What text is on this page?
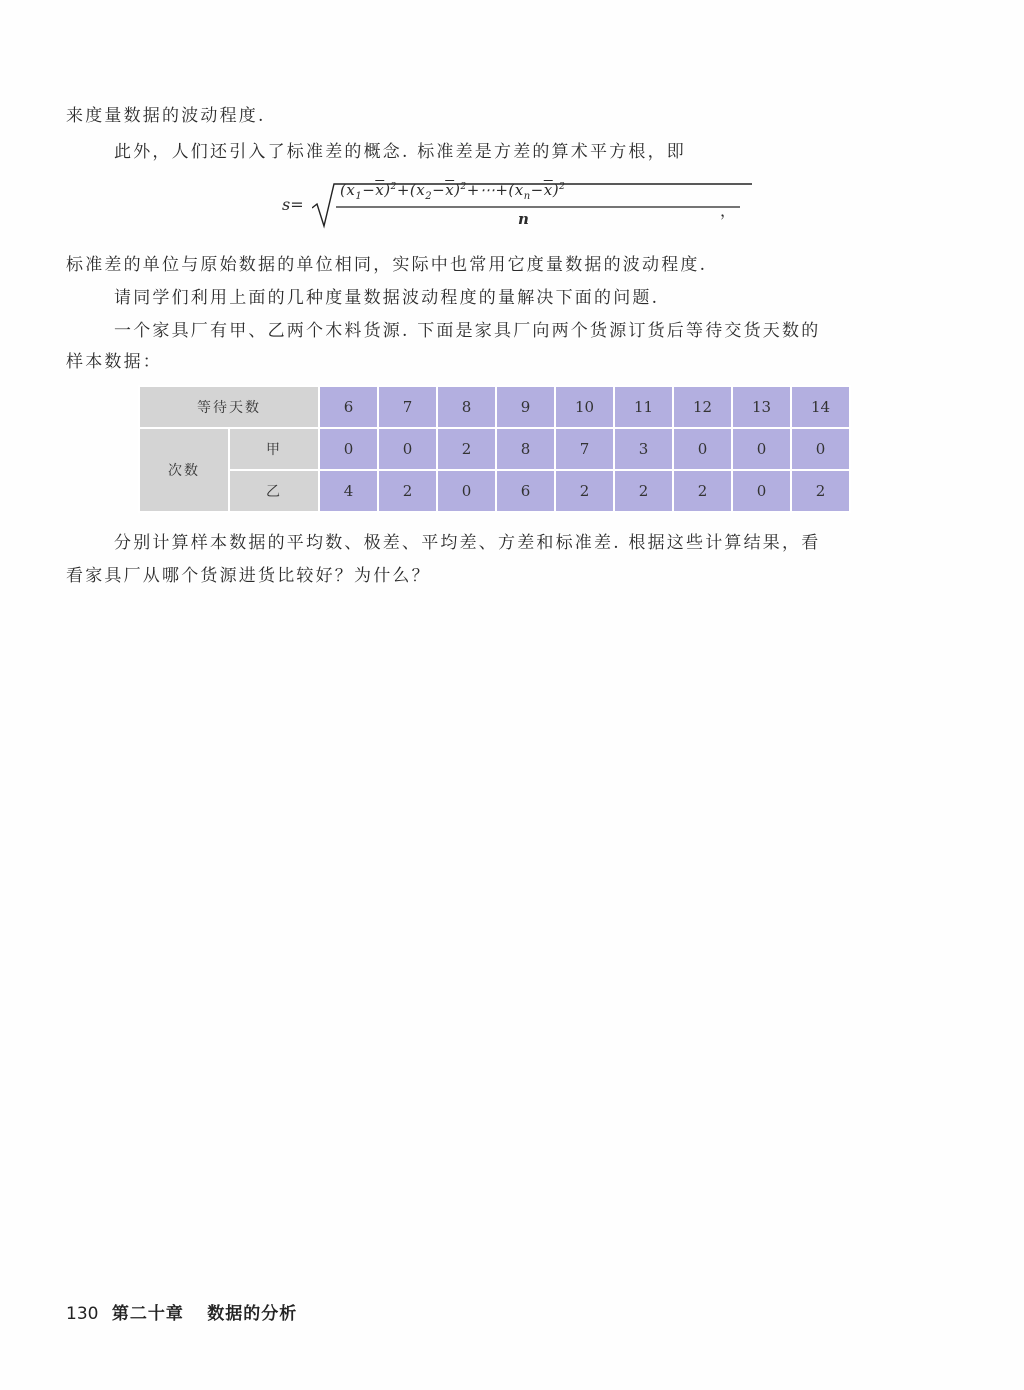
来度量数据的波动程度.
此外，人们还引入了标准差的概念. 标准差是方差的算术平方根，即
s=
$(x_1-\overline{x})^2+(x_2-\overline{x})^2+\cdots+(x_n-\overline{x})^2$
n	，
标准差的单位与原始数据的单位相同，实际中也常用它度量数据的波动程度.
请同学们利用上面的几种度量数据波动程度的量解决下面的问题.
一个家具厂有甲、乙两个木料货源. 下面是家具厂向两个货源订货后等待交货天数的
样本数据：
等待天数		6	7	8	9	10	11	12	13	14
次数	甲	0	0	2	8	7	3	0	0	0
	乙	4	2	0	6	2	2	2	0	2
分别计算样本数据的平均数、极差、平均差、方差和标准差. 根据这些计算结果，看
看家具厂从哪个货源进货比较好？为什么？
130 第二十章 数据的分析
